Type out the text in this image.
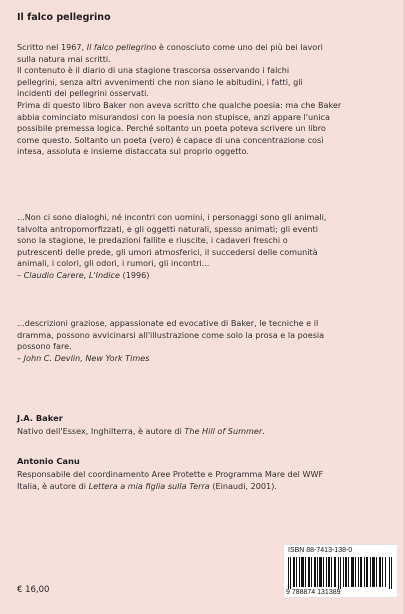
Il falco pellegrino
Scritto nel 1967, Il falco pellegrino è conosciuto come uno dei più bei lavori
sulla natura mai scritti.
Il contenuto è il diario di una stagione trascorsa osservando i falchi
pellegrini, senza altri avvenimenti che non siano le abitudini, i fatti, gli
incidenti dei pellegrini osservati.
Prima di questo libro Baker non aveva scritto che qualche poesia: ma che Baker
abbia cominciato misurandosi con la poesia non stupisce, anzi appare l'unica
possibile premessa logica. Perché soltanto un poeta poteva scrivere un libro
come questo. Soltanto un poeta (vero) è capace di una concentrazione così
intesa, assoluta e insieme distaccata sul proprio oggetto.
...Non ci sono dialoghi, né incontri con uomini, i personaggi sono gli animali,
talvolta antropomorfizzati, e gli oggetti naturali, spesso animati; gli eventi
sono la stagione, le predazioni fallite e riuscite, i cadaveri freschi o
putrescenti delle prede, gli umori atmosferici, il succedersi delle comunità
animali, i colori, gli odori, i rumori, gli incontri...
– Claudio Carere, L'Indice (1996)
...descrizioni graziose, appassionate ed evocative di Baker, le tecniche e il
dramma, possono avvicinarsi all'illustrazione come solo la prosa e la poesia
possono fare.
– John C. Devlin, New York Times
J.A. Baker
Nativo dell'Essex, Inghilterra, è autore di The Hill of Summer.
Antonio Canu
Responsabile del coordinamento Aree Protette e Programma Mare del WWF
Italia, è autore di Lettera a mia figlia sulla Terra (Einaudi, 2001).
ISBN 88-7413-138-0
9 788874 131389
€ 16,00
